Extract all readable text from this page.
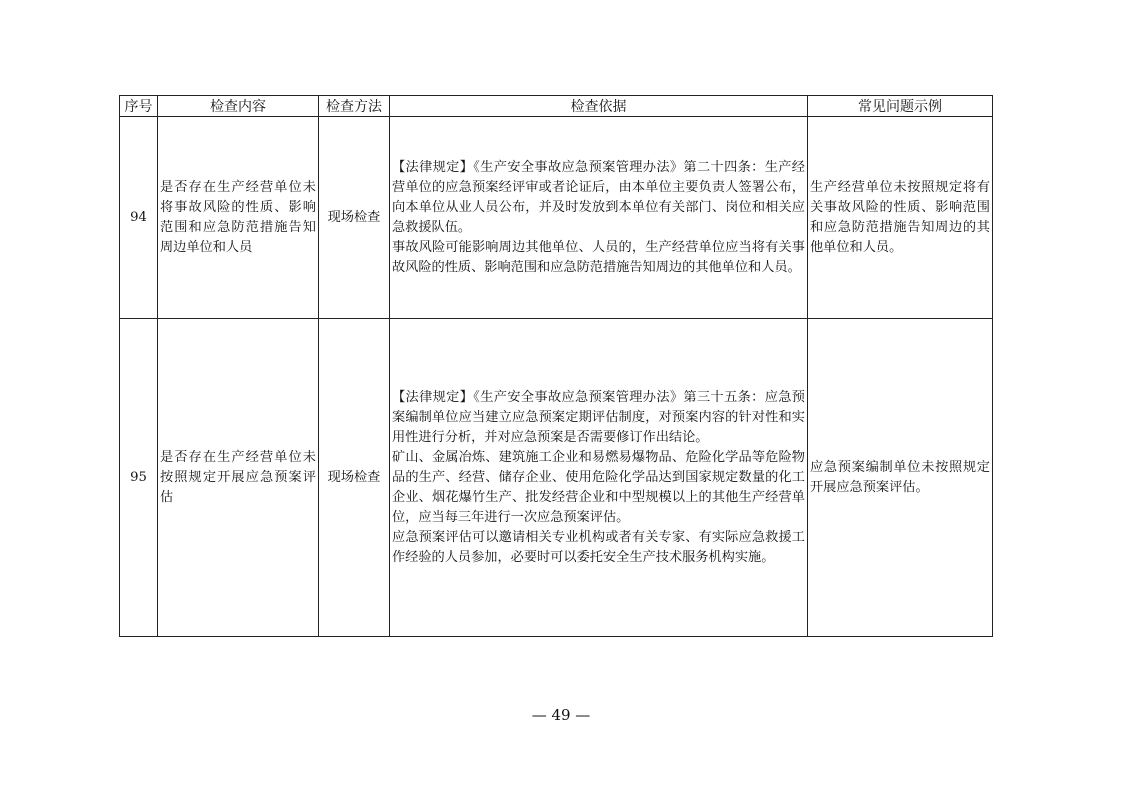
序号	检查内容	检查方法	检查依据	常见问题示例
94	是否存在生产经营单位未将事故风险的性质、影响范围和应急防范措施告知周边单位和人员	现场检查	【法律规定】《生产安全事故应急预案管理办法》第二十四条：生产经营单位的应急预案经评审或者论证后，由本单位主要负责人签署公布，向本单位从业人员公布，并及时发放到本单位有关部门、岗位和相关应急救援队伍。

事故风险可能影响周边其他单位、人员的，生产经营单位应当将有关事故风险的性质、影响范围和应急防范措施告知周边的其他单位和人员。	生产经营单位未按照规定将有关事故风险的性质、影响范围和应急防范措施告知周边的其他单位和人员。
95	是否存在生产经营单位未按照规定开展应急预案评估	现场检查	【法律规定】《生产安全事故应急预案管理办法》第三十五条：应急预案编制单位应当建立应急预案定期评估制度，对预案内容的针对性和实用性进行分析，并对应急预案是否需要修订作出结论。

矿山、金属冶炼、建筑施工企业和易燃易爆物品、危险化学品等危险物品的生产、经营、储存企业、使用危险化学品达到国家规定数量的化工企业、烟花爆竹生产、批发经营企业和中型规模以上的其他生产经营单位，应当每三年进行一次应急预案评估。

应急预案评估可以邀请相关专业机构或者有关专家、有实际应急救援工作经验的人员参加，必要时可以委托安全生产技术服务机构实施。	应急预案编制单位未按照规定开展应急预案评估。
— 49 —
